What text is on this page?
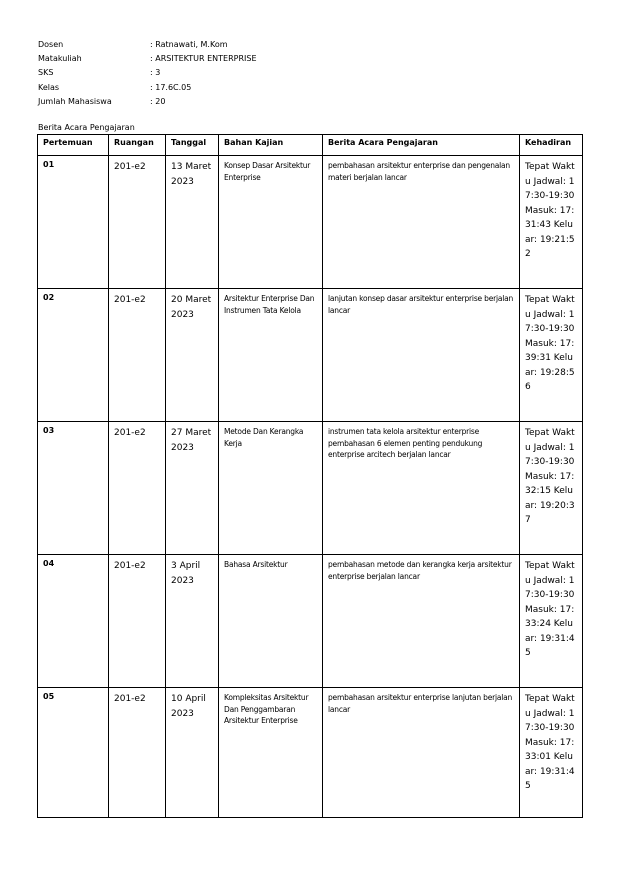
Dosen	: Ratnawati, M.Kom
Matakuliah	: ARSITEKTUR ENTERPRISE
SKS	: 3
Kelas	: 17.6C.05
Jumlah Mahasiswa	: 20
Berita Acara Pengajaran
Pertemuan	Ruangan	Tanggal	Bahan Kajian	Berita Acara Pengajaran	Kehadiran
01	201-e2	13 Maret 2023	Konsep Dasar Arsitektur Enterprise	pembahasan arsitektur enterprise dan pengenalan materi berjalan lancar	Tepat Waktu Jadwal: 17:30-19:30 Masuk: 17:31:43 Keluar: 19:21:52
02	201-e2	20 Maret 2023	Arsitektur Enterprise Dan Instrumen Tata Kelola	lanjutan konsep dasar arsitektur enterprise berjalan lancar	Tepat Waktu Jadwal: 17:30-19:30 Masuk: 17:39:31 Keluar: 19:28:56
03	201-e2	27 Maret 2023	Metode Dan Kerangka Kerja	instrumen tata kelola arsitektur enterprise pembahasan 6 elemen penting pendukung enterprise arcitech berjalan lancar	Tepat Waktu Jadwal: 17:30-19:30 Masuk: 17:32:15 Keluar: 19:20:37
04	201-e2	3 April 2023	Bahasa Arsitektur	pembahasan metode dan kerangka kerja arsitektur enterprise berjalan lancar	Tepat Waktu Jadwal: 17:30-19:30 Masuk: 17:33:24 Keluar: 19:31:45
05	201-e2	10 April 2023	Kompleksitas Arsitektur Dan Penggambaran Arsitektur Enterprise	pembahasan arsitektur enterprise lanjutan berjalan lancar	Tepat Waktu Jadwal: 17:30-19:30 Masuk: 17:33:01 Keluar: 19:31:45
